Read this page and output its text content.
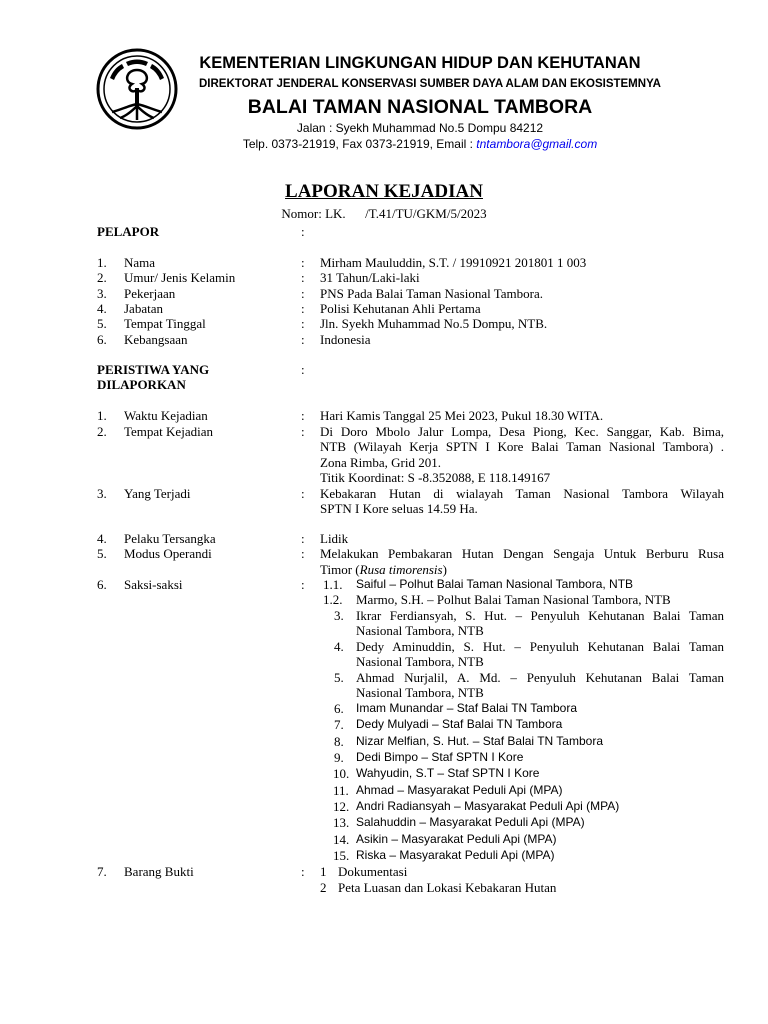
KEMENTERIAN LINGKUNGAN HIDUP DAN KEHUTANAN
DIREKTORAT JENDERAL KONSERVASI SUMBER DAYA ALAM DAN EKOSISTEMNYA
BALAI TAMAN NASIONAL TAMBORA
Jalan : Syekh Muhammad No.5 Dompu 84212
Telp. 0373-21919, Fax 0373-21919, Email : tntambora@gmail.com
LAPORAN KEJADIAN
Nomor: LK.      /T.41/TU/GKM/5/2023
PELAPOR	:
1. Nama	: Mirham Mauluddin, S.T. / 19910921 201801 1 003
2. Umur/ Jenis Kelamin	: 31 Tahun/Laki-laki
3. Pekerjaan	: PNS Pada Balai Taman Nasional Tambora.
4. Jabatan	: Polisi Kehutanan Ahli Pertama
5. Tempat Tinggal	: Jln. Syekh Muhammad No.5 Dompu, NTB.
6. Kebangsaan	: Indonesia
PERISTIWA YANG
DILAPORKAN
:
1. Waktu Kejadian	: Hari Kamis Tanggal 25 Mei 2023, Pukul 18.30 WITA.
2. Tempat Kejadian	: Di Doro Mbolo Jalur Lompa, Desa Piong, Kec. Sanggar, Kab. Bima,
NTB (Wilayah Kerja SPTN I Kore Balai Taman Nasional Tambora) .
Zona Rimba, Grid 201.
Titik Koordinat: S -8.352088, E 118.149167
3. Yang Terjadi	: Kebakaran Hutan di wialayah Taman Nasional Tambora Wilayah
SPTN I Kore seluas 14.59 Ha.
4. Pelaku Tersangka	: Lidik
5. Modus Operandi	: Melakukan Pembakaran Hutan Dengan Sengaja Untuk Berburu Rusa
Timor (Rusa timorensis)
6. Saksi-saksi	: 1.1. Saiful – Polhut Balai Taman Nasional Tambora, NTB
1.2. Marmo, S.H. – Polhut Balai Taman Nasional Tambora, NTB
3. Ikrar Ferdiansyah, S. Hut. – Penyuluh Kehutanan Balai Taman
Nasional Tambora, NTB
4. Dedy Aminuddin, S. Hut. – Penyuluh Kehutanan Balai Taman
Nasional Tambora, NTB
5. Ahmad Nurjalil, A. Md. – Penyuluh Kehutanan Balai Taman
Nasional Tambora, NTB
6. Imam Munandar – Staf Balai TN Tambora
7. Dedy Mulyadi – Staf Balai TN Tambora
8. Nizar Melfian, S. Hut. – Staf Balai TN Tambora
9. Dedi Bimpo – Staf SPTN I Kore
10. Wahyudin, S.T – Staf SPTN I Kore
11. Ahmad – Masyarakat Peduli Api (MPA)
12. Andri Radiansyah – Masyarakat Peduli Api (MPA)
13. Salahuddin – Masyarakat Peduli Api (MPA)
14. Asikin – Masyarakat Peduli Api (MPA)
15. Riska – Masyarakat Peduli Api (MPA)
7. Barang Bukti	: 1 Dokumentasi
2 Peta Luasan dan Lokasi Kebakaran Hutan
